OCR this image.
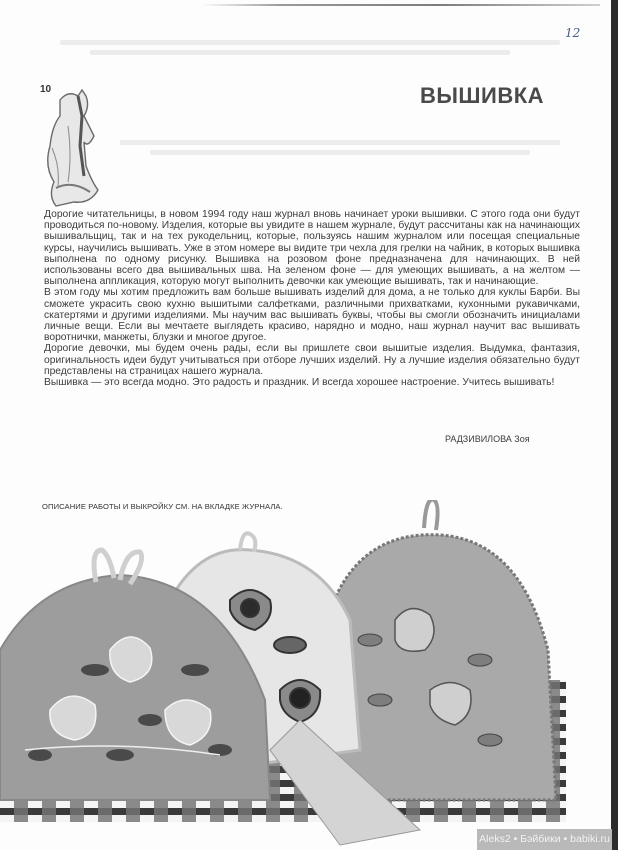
12
10	ВЫШИВКА

Дорогие читательницы, в новом 1994 году наш журнал вновь начинает уроки вышивки. С этого года они будут проводиться по-новому. Изделия, которые вы увидите в нашем журнале, будут рассчитаны как на начинающих вышивальщиц, так и на тех рукодельниц, которые, пользуясь нашим журналом или посещая специальные курсы, научились вышивать. Уже в этом номере вы видите три чехла для грелки на чайник, в которых вышивка выполнена по одному рисунку. Вышивка на розовом фоне предназначена для начинающих. В ней использованы всего два вышивальных шва. На зеленом фоне — для умеющих вышивать, а на желтом — выполнена аппликация, которую могут выполнить девочки как умеющие вышивать, так и начинающие.

В этом году мы хотим предложить вам больше вышивать изделий для дома, а не только для куклы Барби. Вы сможете украсить свою кухню вышитыми салфетками, различными прихватками, кухонными рукавичками, скатертями и другими изделиями. Мы научим вас вышивать буквы, чтобы вы смогли обозначить инициалами личные вещи. Если вы мечтаете выглядеть красиво, нарядно и модно, наш журнал научит вас вышивать воротнички, манжеты, блузки и многое другое.

Дорогие девочки, мы будем очень рады, если вы пришлете свои вышитые изделия. Выдумка, фантазия, оригинальность идеи будут учитываться при отборе лучших изделий. Ну а лучшие изделия обязательно будут представлены на страницах нашего журнала.

Вышивка — это всегда модно. Это радость и праздник. И всегда хорошее настроение. Учитесь вышивать!

РАДЗИВИЛОВА Зоя
ОПИСАНИЕ РАБОТЫ И ВЫКРОЙКУ СМ. НА ВКЛАДКЕ ЖУРНАЛА.
Aleks2 • Бэйбики • babiki.ru
